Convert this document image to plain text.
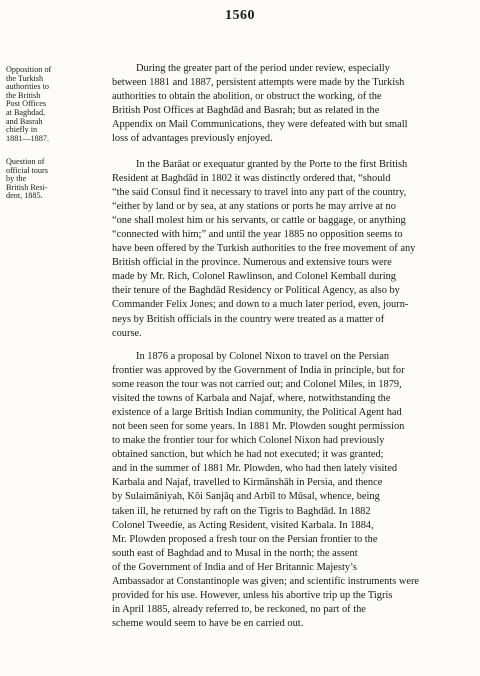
1560
Opposition of
the Turkish
authorities to
the British
Post Offices
at Baghdad,
and Basrah
chiefly in
1881—1887.
Question of
official tours
by the
British Resi-
dent, 1885.
During the greater part of the period under review, especially
between 1881 and 1887, persistent attempts were made by the Turkish
authorities to obtain the abolition, or obstruct the working, of the
British Post Offices at Baghdād and Basrah; but as related in the
Appendix on Mail Communications, they were defeated with but small
loss of advantages previously enjoyed.
In the Barāat or exequatur granted by the Porte to the first British
Resident at Baghdād in 1802 it was distinctly ordered that, “should
“the said Consul find it necessary to travel into any part of the country,
“either by land or by sea, at any stations or ports he may arrive at no
“one shall molest him or his servants, or cattle or baggage, or anything
“connected with him;” and until the year 1885 no opposition seems to
have been offered by the Turkish authorities to the free movement of any
British official in the province. Numerous and extensive tours were
made by Mr. Rich, Colonel Rawlinson, and Colonel Kemball during
their tenure of the Baghdād Residency or Political Agency, as also by
Commander Felix Jones; and down to a much later period, even, journ-
neys by British officials in the country were treated as a matter of
course.
In 1876 a proposal by Colonel Nixon to travel on the Persian
frontier was approved by the Government of India in principle, but for
some reason the tour was not carried out; and Colonel Miles, in 1879,
visited the towns of Karbala and Najaf, where, notwithstanding the
existence of a large British Indian community, the Political Agent had
not been seen for some years. In 1881 Mr. Plowden sought permission
to make the frontier tour for which Colonel Nixon had previously
obtained sanction, but which he had not executed; it was granted;
and in the summer of 1881 Mr. Plowden, who had then lately visited
Karbala and Najaf, travelled to Kirmānshāh in Persia, and thence
by Sulaimāniyah, Kōi Sanjāq and Arbīl to Mūsal, whence, being
taken ill, he returned by raft on the Tigris to Baghdād. In 1882
Colonel Tweedie, as Acting Resident, visited Karbala. In 1884,
Mr. Plowden proposed a fresh tour on the Persian frontier to the
south east of Baghdad and to Musal in the north; the assent
of the Government of India and of Her Britannic Majesty’s
Ambassador at Constantinople was given; and scientific instruments were
provided for his use. However, unless his abortive trip up the Tigris
in April 1885, already referred to, be reckoned, no part of the
scheme would seem to have be en carried out.
